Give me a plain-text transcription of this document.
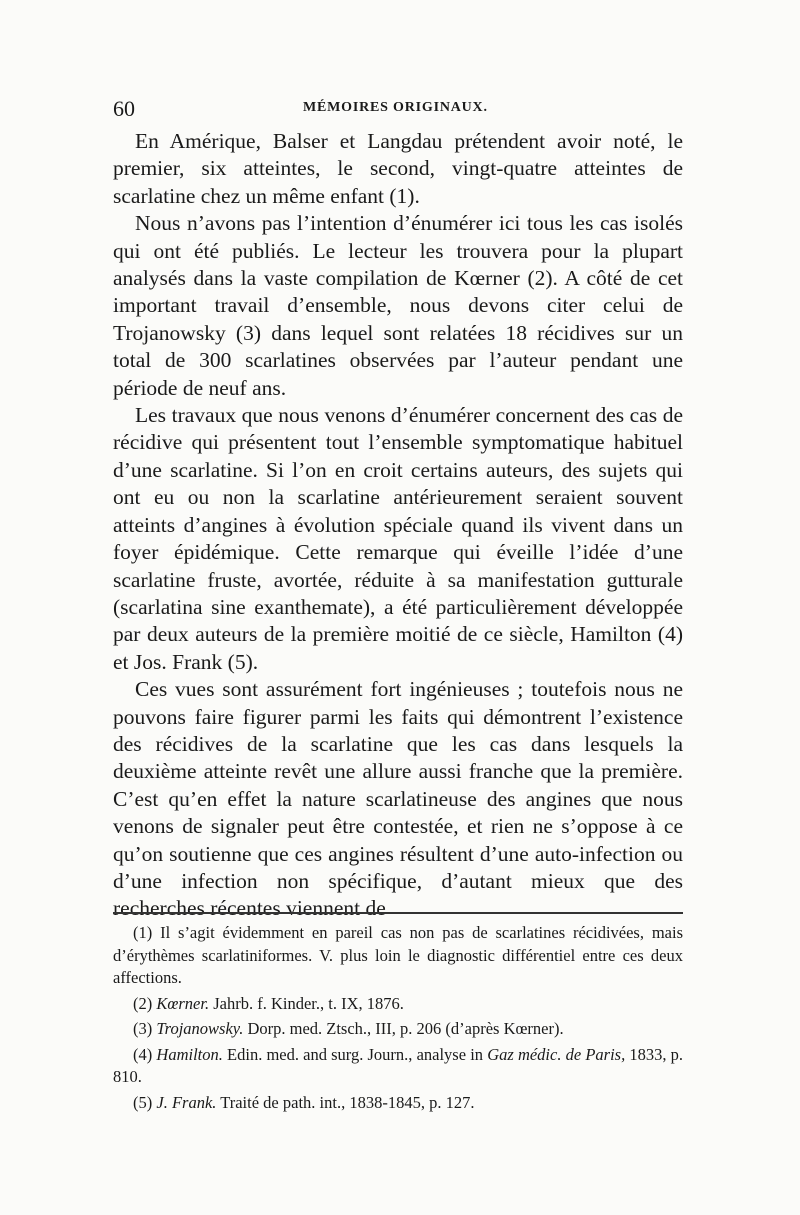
60	MÉMOIRES ORIGINAUX.

En Amérique, Balser et Langdau prétendent avoir noté, le premier, six atteintes, le second, vingt-quatre atteintes de scarlatine chez un même enfant (1).

Nous n’avons pas l’intention d’énumérer ici tous les cas isolés qui ont été publiés. Le lecteur les trouvera pour la plupart analysés dans la vaste compilation de Kœrner (2). A côté de cet important travail d’ensemble, nous devons citer celui de Trojanowsky (3) dans lequel sont relatées 18 récidives sur un total de 300 scarlatines observées par l’auteur pendant une période de neuf ans.

Les travaux que nous venons d’énumérer concernent des cas de récidive qui présentent tout l’ensemble symptomatique habituel d’une scarlatine. Si l’on en croit certains auteurs, des sujets qui ont eu ou non la scarlatine antérieurement seraient souvent atteints d’angines à évolution spéciale quand ils vivent dans un foyer épidémique. Cette remarque qui éveille l’idée d’une scarlatine fruste, avortée, réduite à sa manifestation gutturale (scarlatina sine exanthemate), a été particulièrement développée par deux auteurs de la première moitié de ce siècle, Hamilton (4) et Jos. Frank (5).

Ces vues sont assurément fort ingénieuses ; toutefois nous ne pouvons faire figurer parmi les faits qui démontrent l’existence des récidives de la scarlatine que les cas dans lesquels la deuxième atteinte revêt une allure aussi franche que la première. C’est qu’en effet la nature scarlatineuse des angines que nous venons de signaler peut être contestée, et rien ne s’oppose à ce qu’on soutienne que ces angines résultent d’une auto-infection ou d’une infection non spécifique, d’autant mieux que des recherches récentes viennent de

(1) Il s’agit évidemment en pareil cas non pas de scarlatines récidivées, mais d’érythèmes scarlatiniformes. V. plus loin le diagnostic différentiel entre ces deux affections.

(2) Kœrner. Jahrb. f. Kinder., t. IX, 1876.

(3) Trojanowsky. Dorp. med. Ztsch., III, p. 206 (d’après Kœrner).

(4) Hamilton. Edin. med. and surg. Journ., analyse in Gaz médic. de Paris, 1833, p. 810.

(5) J. Frank. Traité de path. int., 1838-1845, p. 127.
